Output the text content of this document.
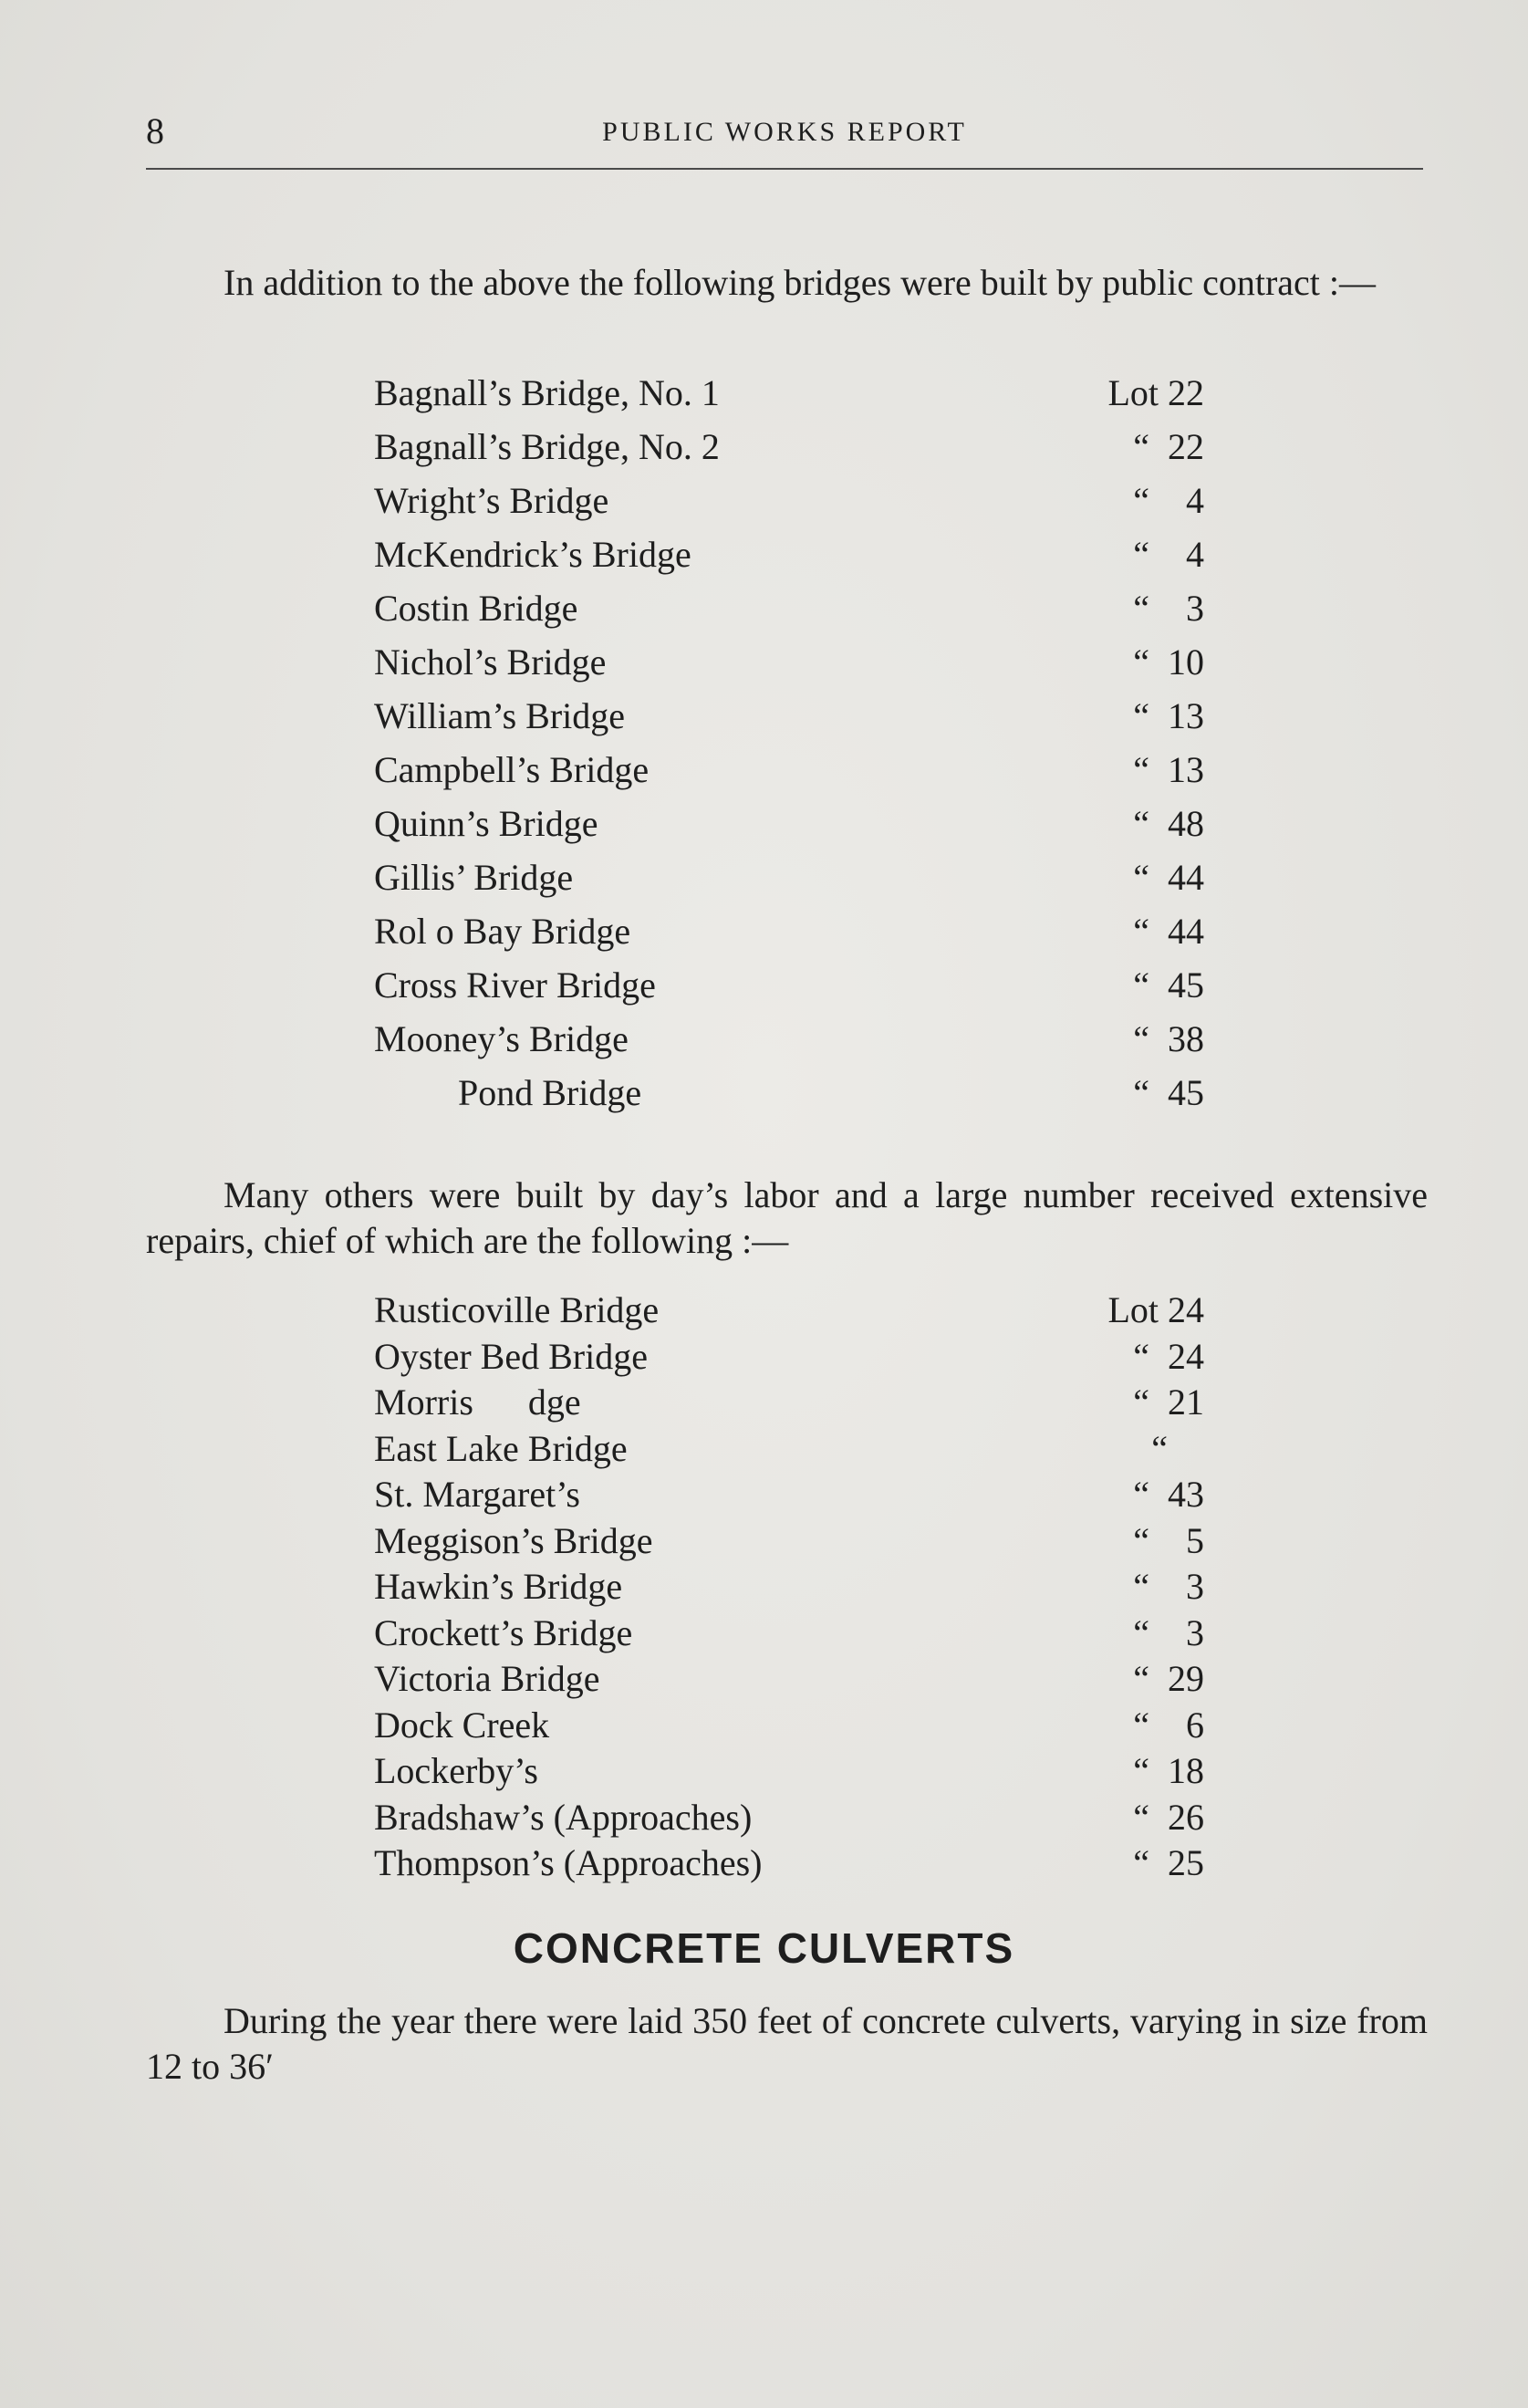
8	PUBLIC WORKS REPORT
In addition to the above the following bridges were built by public contract :—
Bagnall’s Bridge, No. 1	Lot 22
Bagnall’s Bridge, No. 2	“  22
Wright’s Bridge	“    4
McKendrick’s Bridge	“    4
Costin Bridge	“    3
Nichol’s Bridge	“  10
William’s Bridge	“  13
Campbell’s Bridge	“  13
Quinn’s Bridge	“  48
Gillis’ Bridge	“  44
Rol o Bay Bridge	“  44
Cross River Bridge	“  45
Mooney’s Bridge	“  38
Pond Bridge	“  45
Many others were built by day’s labor and a large number received extensive repairs, chief of which are the following :—
Rusticoville Bridge	Lot 24
Oyster Bed Bridge	“  24
Morris      dge	“  21
East Lake Bridge	“
St. Margaret’s	“  43
Meggison’s Bridge	“    5
Hawkin’s Bridge	“    3
Crockett’s Bridge	“    3
Victoria Bridge	“  29
Dock Creek	“    6
Lockerby’s	“  18
Bradshaw’s (Approaches)	“  26
Thompson’s (Approaches)	“  25
CONCRETE CULVERTS
During the year there were laid 350 feet of concrete culverts, varying in size from 12 to 36′
